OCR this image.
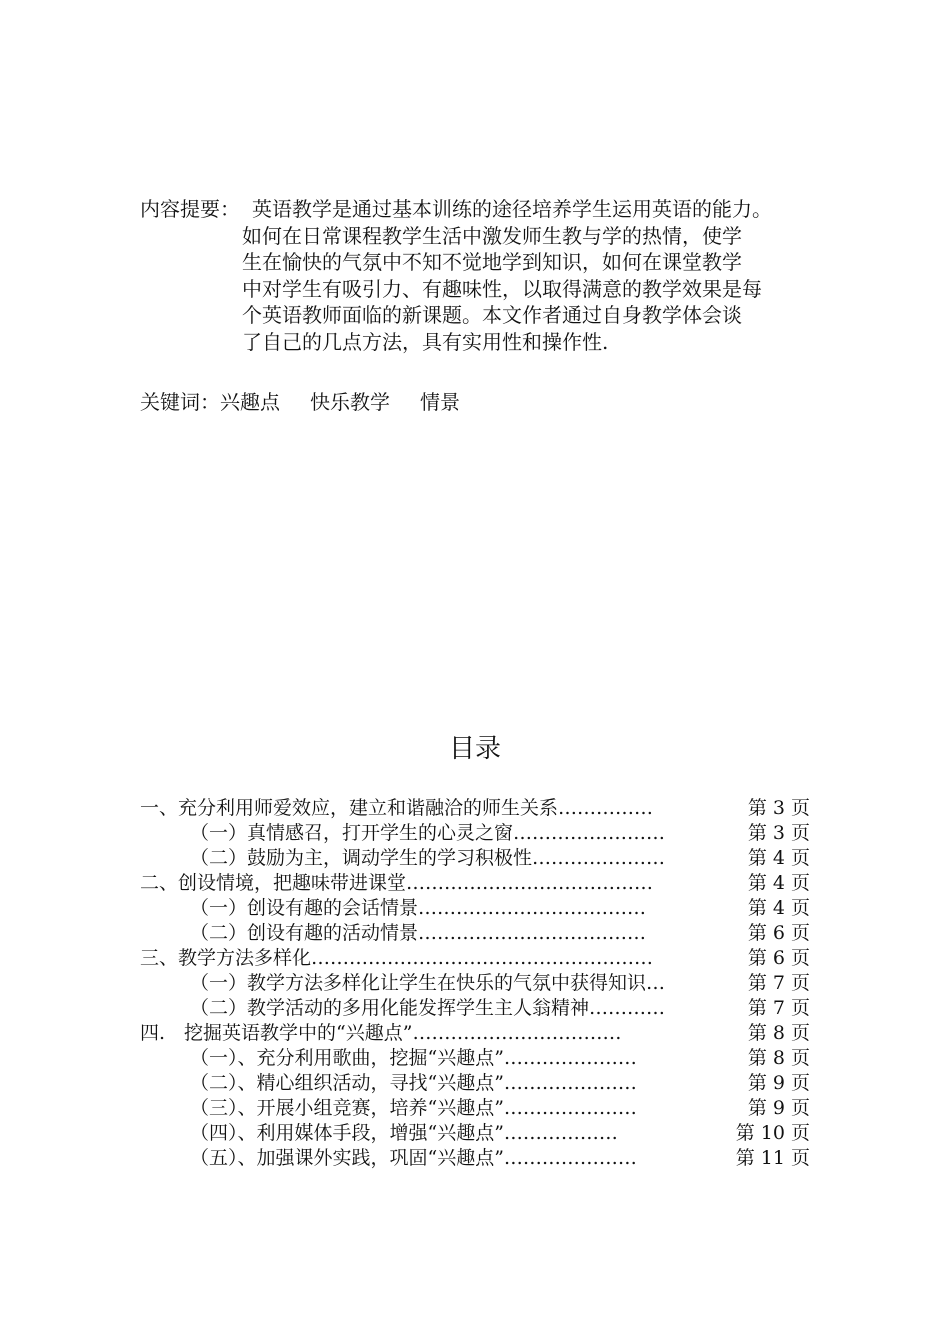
内容提要： 英语教学是通过基本训练的途径培养学生运用英语的能力。
如何在日常课程教学生活中激发师生教与学的热情，使学
生在愉快的气氛中不知不觉地学到知识，如何在课堂教学
中对学生有吸引力、有趣味性，以取得满意的教学效果是每
个英语教师面临的新课题。本文作者通过自身教学体会谈
了自己的几点方法，具有实用性和操作性.
关键词：兴趣点 快乐教学 情景
目录
一、充分利用师爱效应，建立和谐融洽的师生关系……………	第 3 页
（一）真情感召，打开学生的心灵之窗……………………	第 3 页
（二）鼓励为主，调动学生的学习积极性…………………	第 4 页
二、创设情境，把趣味带进课堂…………………………………	第 4 页
（一）创设有趣的会话情景………………………………	第 4 页
（二）创设有趣的活动情景………………………………	第 6 页
三、教学方法多样化………………………………………………	第 6 页
（一）教学方法多样化让学生在快乐的气氛中获得知识…	第 7 页
（二）教学活动的多用化能发挥学生主人翁精神…………	第 7 页
四.　挖掘英语教学中的“兴趣点”……………………………	第 8 页
（一）、充分利用歌曲，挖掘“兴趣点”…………………	第 8 页
（二）、精心组织活动，寻找“兴趣点”…………………	第 9 页
（三）、开展小组竞赛，培养“兴趣点”…………………	第 9 页
（四）、利用媒体手段，增强“兴趣点”………………	第 10 页
（五）、加强课外实践，巩固“兴趣点”…………………	第 11 页
